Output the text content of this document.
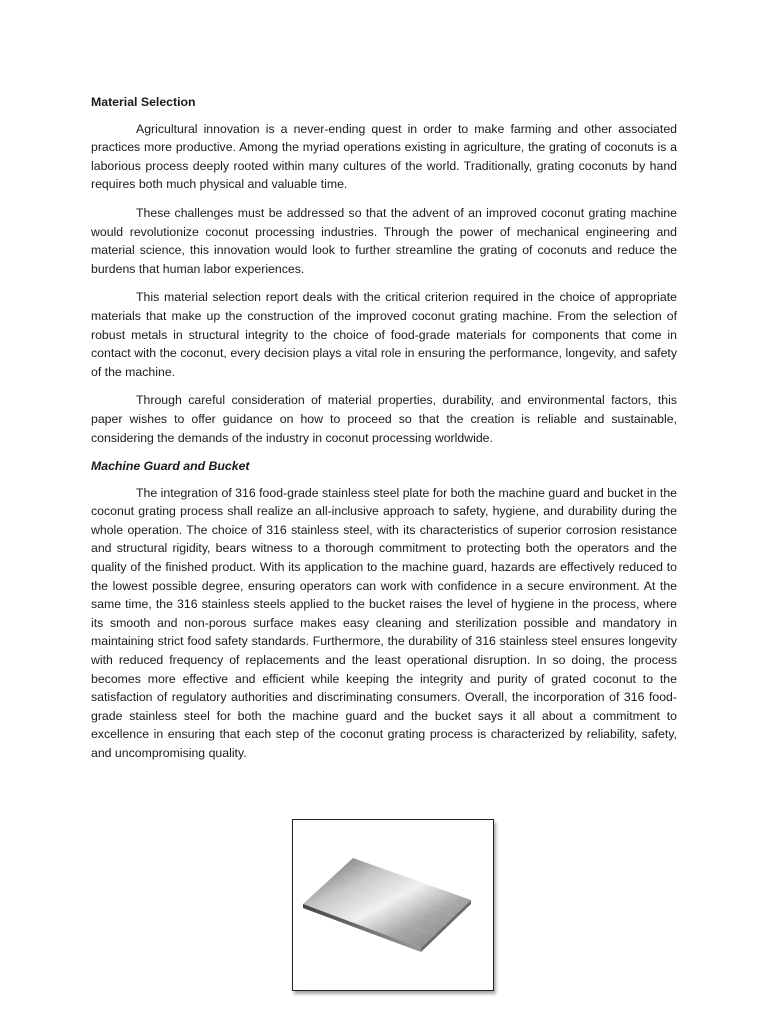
Material Selection

Agricultural innovation is a never-ending quest in order to make farming and other associated practices more productive. Among the myriad operations existing in agriculture, the grating of coconuts is a laborious process deeply rooted within many cultures of the world. Traditionally, grating coconuts by hand requires both much physical and valuable time.

These challenges must be addressed so that the advent of an improved coconut grating machine would revolutionize coconut processing industries. Through the power of mechanical engineering and material science, this innovation would look to further streamline the grating of coconuts and reduce the burdens that human labor experiences.

This material selection report deals with the critical criterion required in the choice of appropriate materials that make up the construction of the improved coconut grating machine. From the selection of robust metals in structural integrity to the choice of food-grade materials for components that come in contact with the coconut, every decision plays a vital role in ensuring the performance, longevity, and safety of the machine.

Through careful consideration of material properties, durability, and environmental factors, this paper wishes to offer guidance on how to proceed so that the creation is reliable and sustainable, considering the demands of the industry in coconut processing worldwide.

Machine Guard and Bucket

The integration of 316 food-grade stainless steel plate for both the machine guard and bucket in the coconut grating process shall realize an all-inclusive approach to safety, hygiene, and durability during the whole operation. The choice of 316 stainless steel, with its characteristics of superior corrosion resistance and structural rigidity, bears witness to a thorough commitment to protecting both the operators and the quality of the finished product. With its application to the machine guard, hazards are effectively reduced to the lowest possible degree, ensuring operators can work with confidence in a secure environment. At the same time, the 316 stainless steels applied to the bucket raises the level of hygiene in the process, where its smooth and non-porous surface makes easy cleaning and sterilization possible and mandatory in maintaining strict food safety standards. Furthermore, the durability of 316 stainless steel ensures longevity with reduced frequency of replacements and the least operational disruption. In so doing, the process becomes more effective and efficient while keeping the integrity and purity of grated coconut to the satisfaction of regulatory authorities and discriminating consumers. Overall, the incorporation of 316 food-grade stainless steel for both the machine guard and the bucket says it all about a commitment to excellence in ensuring that each step of the coconut grating process is characterized by reliability, safety, and uncompromising quality.
